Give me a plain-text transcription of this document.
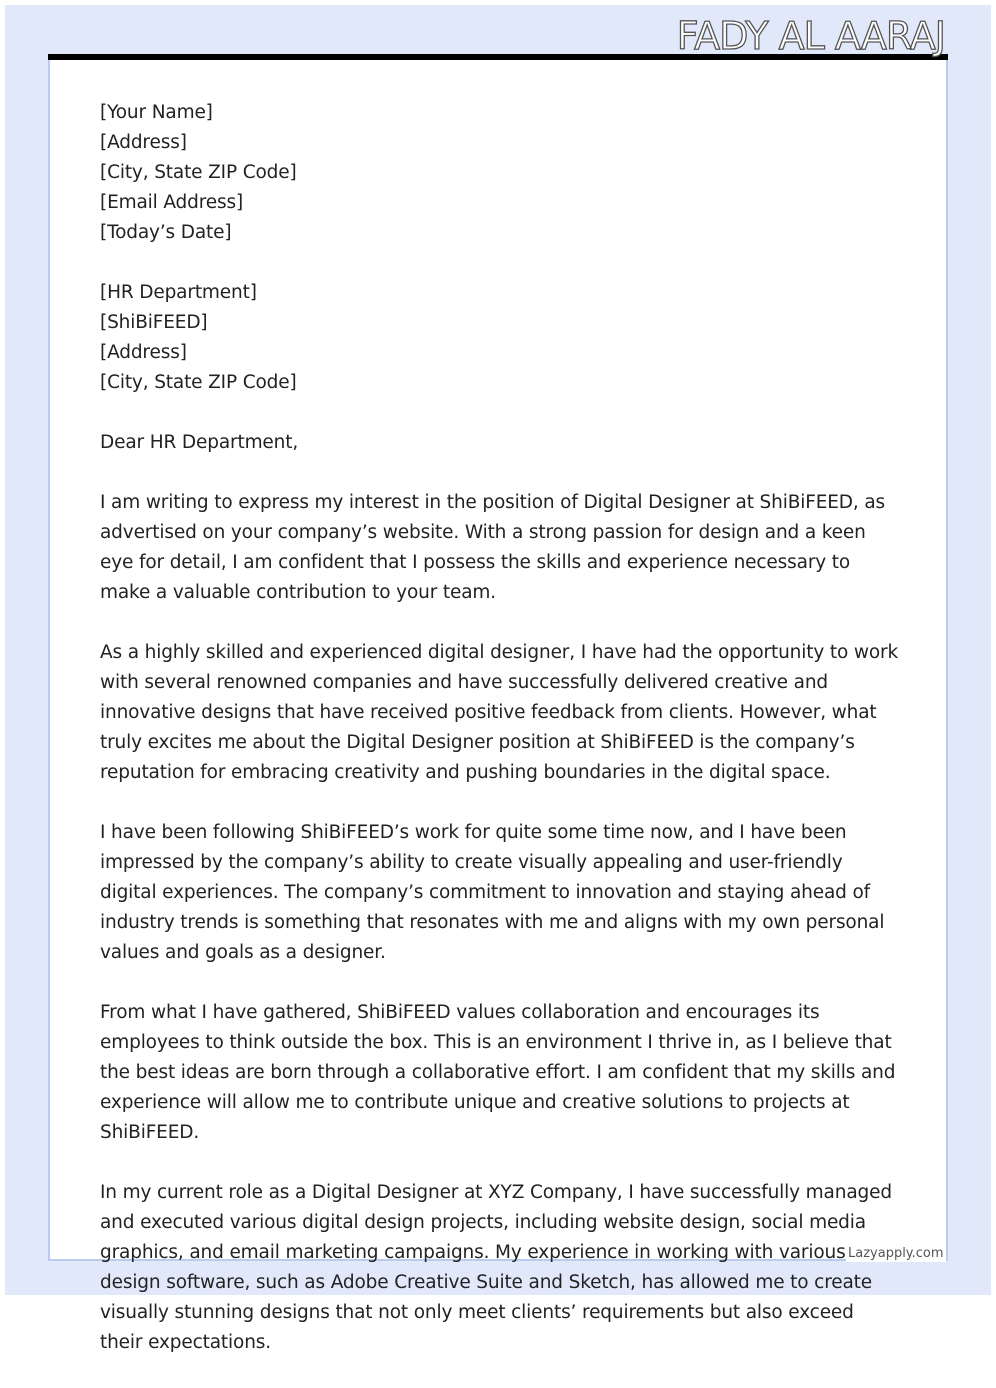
FADY AL AARAJ
[Your Name]
[Address]
[City, State ZIP Code]
[Email Address]
[Today’s Date]
[HR Department]
[ShiBiFEED]
[Address]
[City, State ZIP Code]

Dear HR Department,

I am writing to express my interest in the position of Digital Designer at ShiBiFEED, as advertised on your company’s website. With a strong passion for design and a keen eye for detail, I am confident that I possess the skills and experience necessary to make a valuable contribution to your team.

As a highly skilled and experienced digital designer, I have had the opportunity to work with several renowned companies and have successfully delivered creative and innovative designs that have received positive feedback from clients. However, what truly excites me about the Digital Designer position at ShiBiFEED is the company’s reputation for embracing creativity and pushing boundaries in the digital space.

I have been following ShiBiFEED’s work for quite some time now, and I have been impressed by the company’s ability to create visually appealing and user-friendly digital experiences. The company’s commitment to innovation and staying ahead of industry trends is something that resonates with me and aligns with my own personal values and goals as a designer.

From what I have gathered, ShiBiFEED values collaboration and encourages its employees to think outside the box. This is an environment I thrive in, as I believe that the best ideas are born through a collaborative effort. I am confident that my skills and experience will allow me to contribute unique and creative solutions to projects at ShiBiFEED.

In my current role as a Digital Designer at XYZ Company, I have successfully managed and executed various digital design projects, including website design, social media graphics, and email marketing campaigns. My experience in working with various design software, such as Adobe Creative Suite and Sketch, has allowed me to create visually stunning designs that not only meet clients’ requirements but also exceed their expectations.

Lazyapply.com
